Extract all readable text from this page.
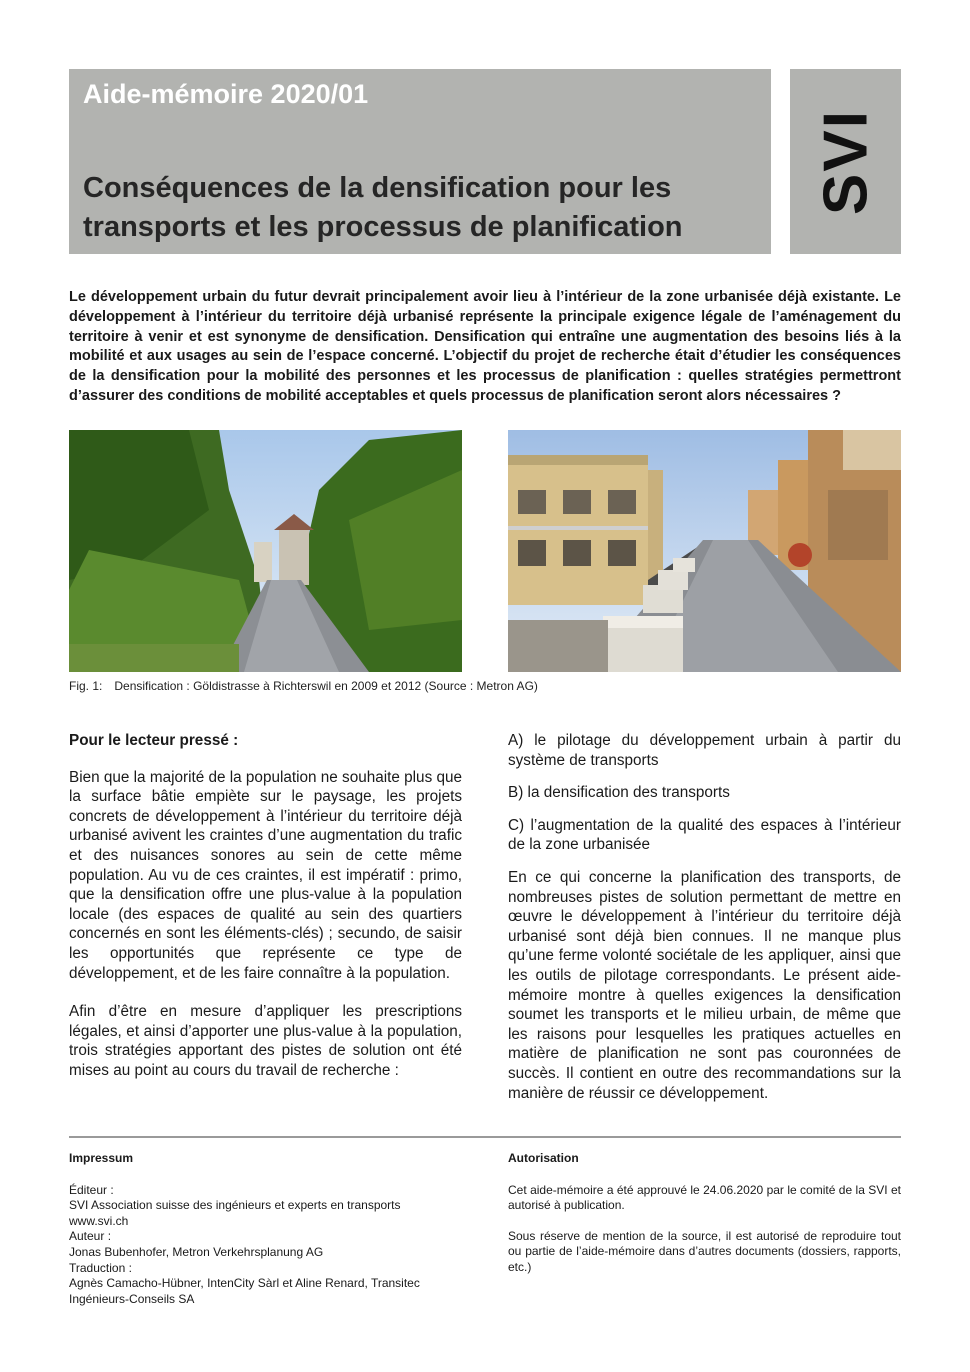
Aide-mémoire 2020/01
Conséquences de la densification pour les
transports et les processus de planification
SVI

Le développement urbain du futur devrait principalement avoir lieu à l’intérieur de la zone urbanisée déjà existante. Le développement à l’intérieur du territoire déjà urbanisé représente la principale exigence légale de l’aménagement du territoire à venir et est synonyme de densification. Densification qui entraîne une augmentation des besoins liés à la mobilité et aux usages au sein de l’espace concerné. L’objectif du projet de recherche était d’étudier les conséquences de la densification pour la mobilité des personnes et les processus de planification : quelles stratégies permettront d’assurer des conditions de mobilité acceptables et quels processus de planification seront alors nécessaires ?

Fig. 1: Densification : Göldistrasse à Richterswil en 2009 et 2012 (Source : Metron AG)

Pour le lecteur pressé :

Bien que la majorité de la population ne souhaite plus que la surface bâtie empiète sur le paysage, les projets concrets de développement à l’intérieur du territoire déjà urbanisé avivent les craintes d’une augmentation du trafic et des nuisances sonores au sein de cette même population. Au vu de ces craintes, il est impératif : primo, que la densification offre une plus-value à la population locale (des espaces de qualité au sein des quartiers concernés en sont les éléments-clés) ; secundo, de saisir les opportunités que représente ce type de développement, et de les faire connaître à la population.

Afin d’être en mesure d’appliquer les prescriptions légales, et ainsi d’apporter une plus-value à la population, trois stratégies apportant des pistes de solution ont été mises au point au cours du travail de recherche :

A) le pilotage du développement urbain à partir du système de transports

B) la densification des transports

C) l’augmentation de la qualité des espaces à l’intérieur de la zone urbanisée

En ce qui concerne la planification des transports, de nombreuses pistes de solution permettant de mettre en œuvre le développement à l’intérieur du territoire déjà urbanisé sont déjà bien connues. Il ne manque plus qu’une ferme volonté sociétale de les appliquer, ainsi que les outils de pilotage correspondants. Le présent aide-mémoire montre à quelles exigences la densification soumet les transports et le milieu urbain, de même que les raisons pour lesquelles les pratiques actuelles en matière de planification ne sont pas couronnées de succès. Il contient en outre des recommandations sur la manière de réussir ce développement.

Impressum

Éditeur :

SVI Association suisse des ingénieurs et experts en transports

www.svi.ch

Auteur :

Jonas Bubenhofer, Metron Verkehrsplanung AG

Traduction :

Agnès Camacho-Hübner, IntenCity Sàrl et Aline Renard, Transitec

Ingénieurs-Conseils SA

Autorisation

Cet aide-mémoire a été approuvé le 24.06.2020 par le comité de la SVI et autorisé à publication.

Sous réserve de mention de la source, il est autorisé de reproduire tout ou partie de l’aide-mémoire dans d’autres documents (dossiers, rapports, etc.)
